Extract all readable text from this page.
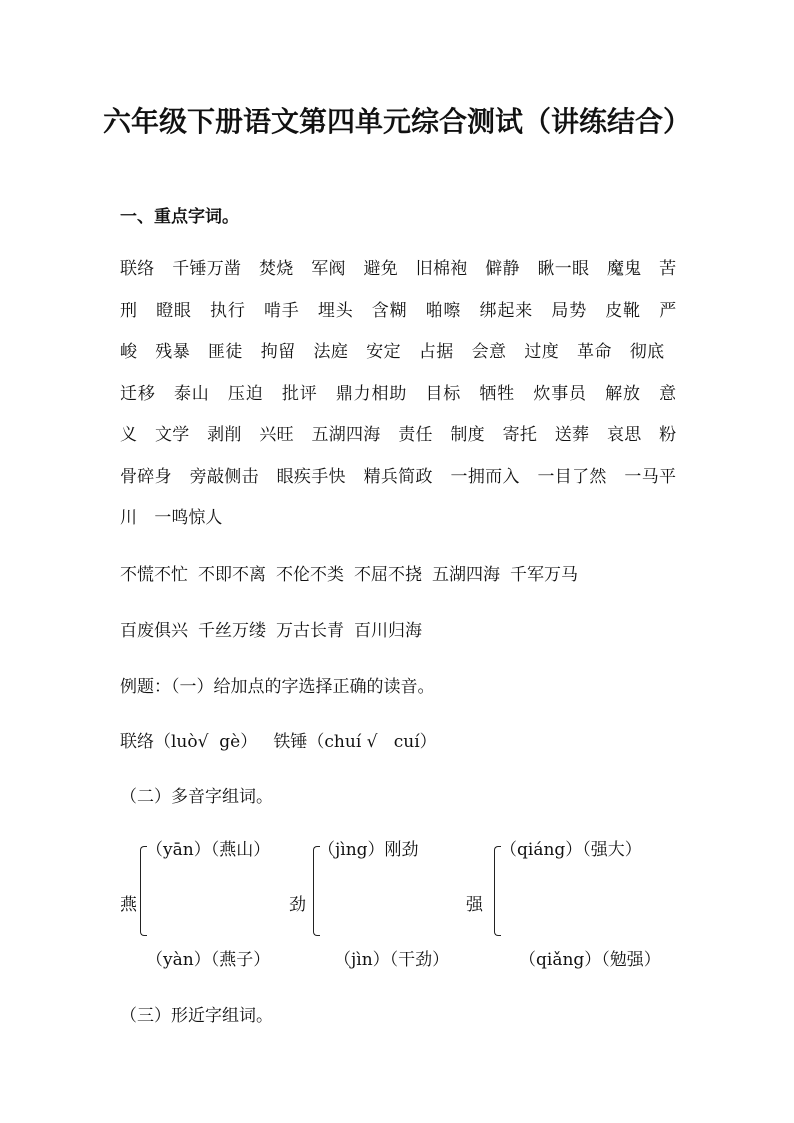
六年级下册语文第四单元综合测试（讲练结合）
一、重点字词。
联络 千锤万凿 焚烧 军阀 避免 旧棉袍 僻静 瞅一眼 魔鬼 苦刑 瞪眼 执行 啃手 埋头 含糊 啪嚓 绑起来 局势 皮靴 严峻 残暴 匪徒 拘留 法庭 安定 占据 会意 过度 革命 彻底 迁移 泰山 压迫 批评 鼎力相助 目标 牺牲 炊事员 解放 意义 文学 剥削 兴旺 五湖四海 责任 制度 寄托 送葬 哀思 粉骨碎身 旁敲侧击 眼疾手快 精兵简政 一拥而入 一目了然 一马平川 一鸣惊人
不慌不忙 不即不离 不伦不类 不屈不挠 五湖四海 千军万马
百废俱兴 千丝万缕 万古长青 百川归海
例题：（一）给加点的字选择正确的读音。
联络（luò√  gè）   铁锤（chuí √   cuí）
（二）多音字组词。
（yān）（燕山）
燕
（yàn）（燕子）
（jìng）刚劲
劲
（jìn）（干劲）
（qiáng）（强大）
强
（qiǎng）（勉强）
（三）形近字组词。
